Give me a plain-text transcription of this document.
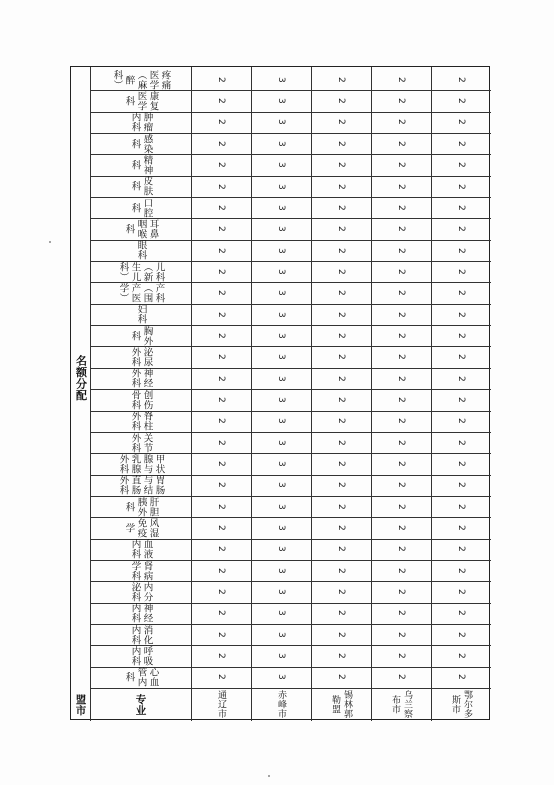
名额分配
盟市	专业
疼痛医学（麻醉科）
康复医学科
肿瘤内科
感染科
精神科
皮肤科
口腔科
耳鼻咽喉科
眼科
儿科（新生儿科）
产科（围产医学）
妇科
胸外科
泌尿外科
神经外科
创伤骨科
脊柱外科
关节外科
甲状腺与乳腺外科
胃肠与结直肠外科
肝胆胰外科
风湿免疫学
血液内科
肾病学科
内分泌科
神经内科
消化内科
呼吸内科
心血管内科
通辽市
2
2
2
2
2
2
2
2
2
2
2
2
2
2
2
2
2
2
2
2
2
2
2
2
2
2
2
2
2
赤峰市
3
3
3
3
3
3
3
3
3
3
3
3
3
3
3
3
3
3
3
3
3
3
3
3
3
3
3
3
3
锡林郭勒盟
2
2
2
2
2
2
2
2
2
2
2
2
2
2
2
2
2
2
2
2
2
2
2
2
2
2
2
2
2
乌兰察布市
2
2
2
2
2
2
2
2
2
2
2
2
2
2
2
2
2
2
2
2
2
2
2
2
2
2
2
2
2
鄂尔多斯市
2
2
2
2
2
2
2
2
2
2
2
2
2
2
2
2
2
2
2
2
2
2
2
2
2
2
2
2
2
